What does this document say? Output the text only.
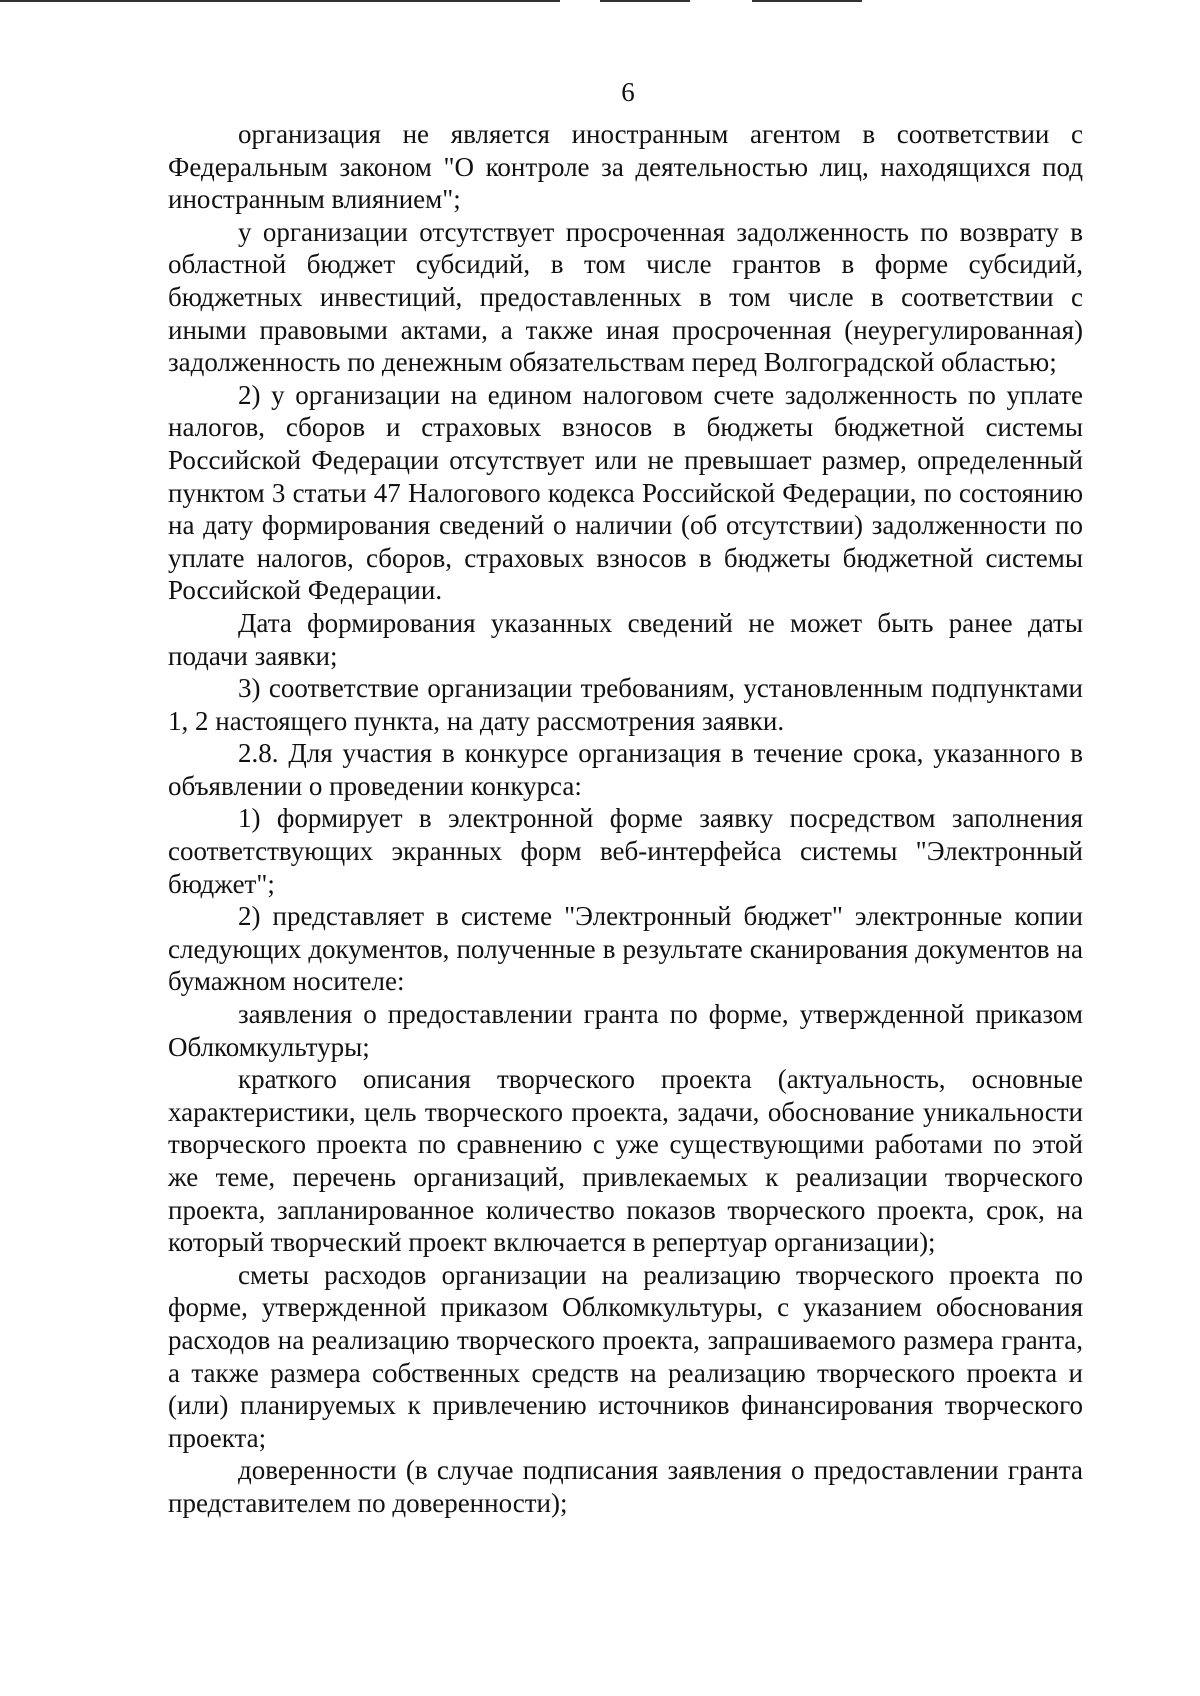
6

организация не является иностранным агентом в соответствии с Федеральным законом "О контроле за деятельностью лиц, находящихся под иностранным влиянием";

у организации отсутствует просроченная задолженность по возврату в областной бюджет субсидий, в том числе грантов в форме субсидий, бюджетных инвестиций, предоставленных в том числе в соответствии с иными правовыми актами, а также иная просроченная (неурегулированная) задолженность по денежным обязательствам перед Волгоградской областью;

2) у организации на едином налоговом счете задолженность по уплате налогов, сборов и страховых взносов в бюджеты бюджетной системы Российской Федерации отсутствует или не превышает размер, определенный пунктом 3 статьи 47 Налогового кодекса Российской Федерации, по состоянию на дату формирования сведений о наличии (об отсутствии) задолженности по уплате налогов, сборов, страховых взносов в бюджеты бюджетной системы Российской Федерации.

Дата формирования указанных сведений не может быть ранее даты подачи заявки;

3) соответствие организации требованиям, установленным подпунктами 1, 2 настоящего пункта, на дату рассмотрения заявки.

2.8. Для участия в конкурсе организация в течение срока, указанного в объявлении о проведении конкурса:

1) формирует в электронной форме заявку посредством заполнения соответствующих экранных форм веб-интерфейса системы "Электронный бюджет";

2) представляет в системе "Электронный бюджет" электронные копии следующих документов, полученные в результате сканирования документов на бумажном носителе:

заявления о предоставлении гранта по форме, утвержденной приказом Облкомкультуры;

краткого описания творческого проекта (актуальность, основные характеристики, цель творческого проекта, задачи, обоснование уникальности творческого проекта по сравнению с уже существующими работами по этой же теме, перечень организаций, привлекаемых к реализации творческого проекта, запланированное количество показов творческого проекта, срок, на который творческий проект включается в репертуар организации);

сметы расходов организации на реализацию творческого проекта по форме, утвержденной приказом Облкомкультуры, с указанием обоснования расходов на реализацию творческого проекта, запрашиваемого размера гранта, а также размера собственных средств на реализацию творческого проекта и (или) планируемых к привлечению источников финансирования творческого проекта;

доверенности (в случае подписания заявления о предоставлении гранта представителем по доверенности);
